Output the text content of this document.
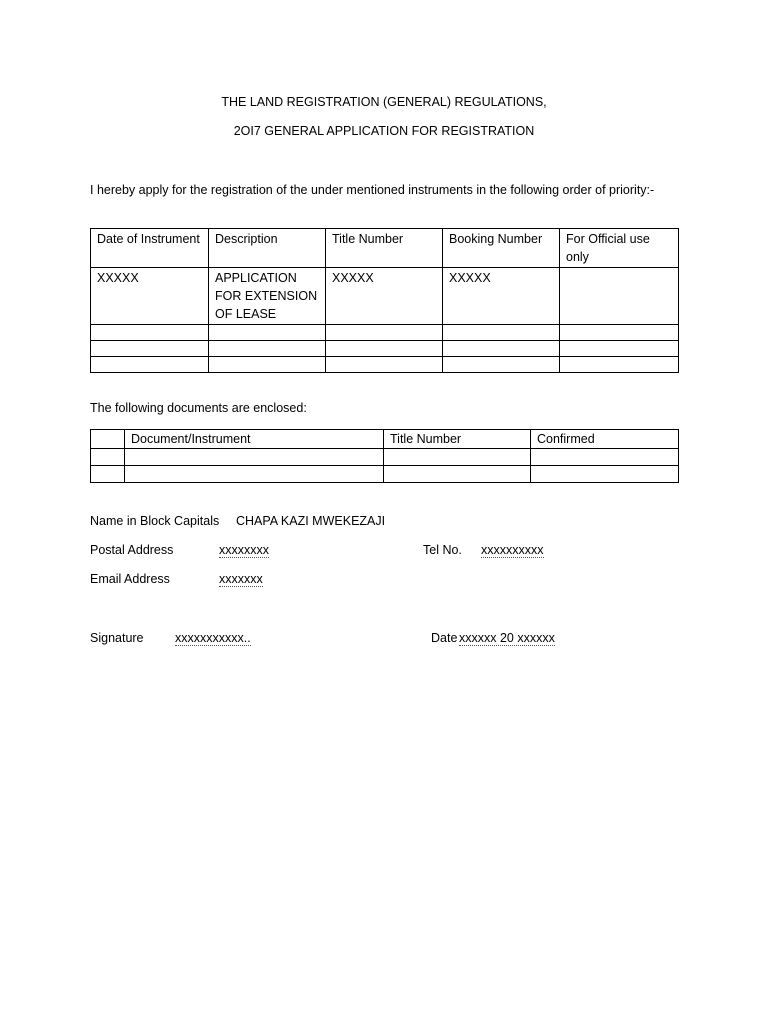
THE LAND REGISTRATION (GENERAL) REGULATIONS,
2OI7 GENERAL APPLICATION FOR REGISTRATION
I hereby apply for the registration of the under mentioned instruments in the following order of priority:-
Date of Instrument	Description	Title Number	Booking Number	For Official use only
XXXXX	APPLICATION FOR EXTENSION OF LEASE	XXXXX	XXXXX	

The following documents are enclosed:
	Document/Instrument	Title Number	Confirmed

Name in Block Capitals CHAPA KAZI MWEKEZAJI
Postal Address	xxxxxxxx	Tel No. xxxxxxxxxx
Email Address	xxxxxxx
Signature	xxxxxxxxxxx..	Date xxxxxx 20 xxxxxx
